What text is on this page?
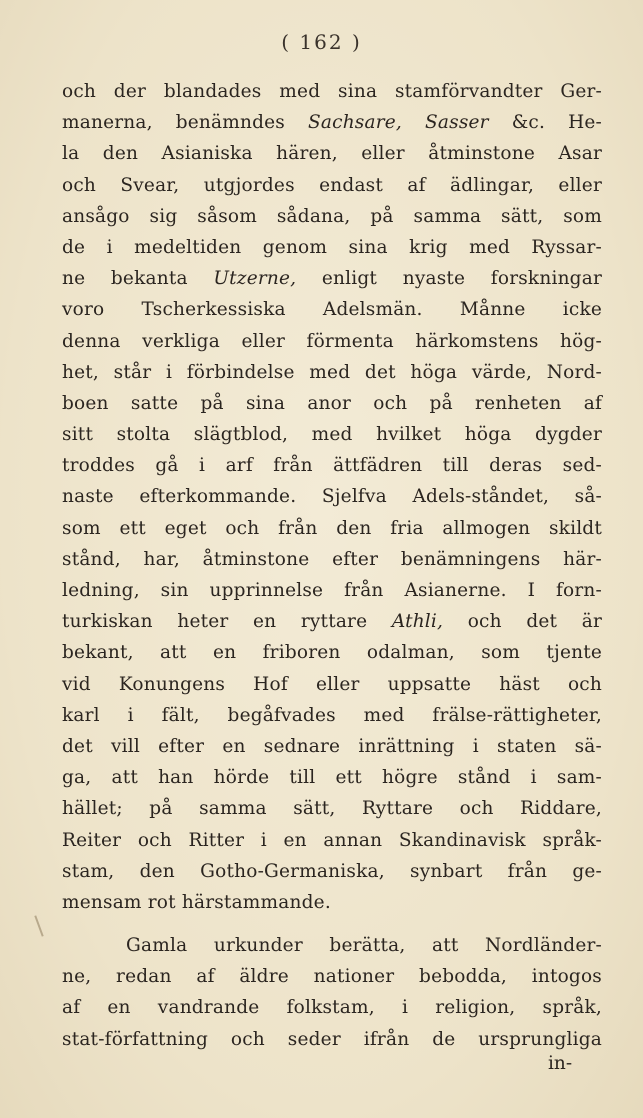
( 162 )
och der blandades med sina stamförvandter Ger-
manerna, benämndes Sachsare, Sasser &c. He-
la den Asianiska hären, eller åtminstone Asar
och Svear, utgjordes endast af ädlingar, eller
ansågo sig såsom sådana, på samma sätt, som
de i medeltiden genom sina krig med Ryssar-
ne bekanta Utzerne, enligt nyaste forskningar
voro Tscherkessiska Adelsmän. Månne icke
denna verkliga eller förmenta härkomstens hög-
het, står i förbindelse med det höga värde, Nord-
boen satte på sina anor och på renheten af
sitt stolta slägtblod, med hvilket höga dygder
troddes gå i arf från ättfädren till deras sed-
naste efterkommande. Sjelfva Adels-ståndet, så-
som ett eget och från den fria allmogen skildt
stånd, har, åtminstone efter benämningens här-
ledning, sin upprinnelse från Asianerne. I forn-
turkiskan heter en ryttare Athli, och det är
bekant, att en friboren odalman, som tjente
vid Konungens Hof eller uppsatte häst och
karl i fält, begåfvades med frälse-rättigheter,
det vill efter en sednare inrättning i staten sä-
ga, att han hörde till ett högre stånd i sam-
hället; på samma sätt, Ryttare och Riddare,
Reiter och Ritter i en annan Skandinavisk språk-
stam, den Gotho-Germaniska, synbart från ge-
mensam rot härstammande.
Gamla urkunder berätta, att Nordländer-
ne, redan af äldre nationer bebodda, intogos
af en vandrande folkstam, i religion, språk,
stat-författning och seder ifrån de ursprungliga
in-
